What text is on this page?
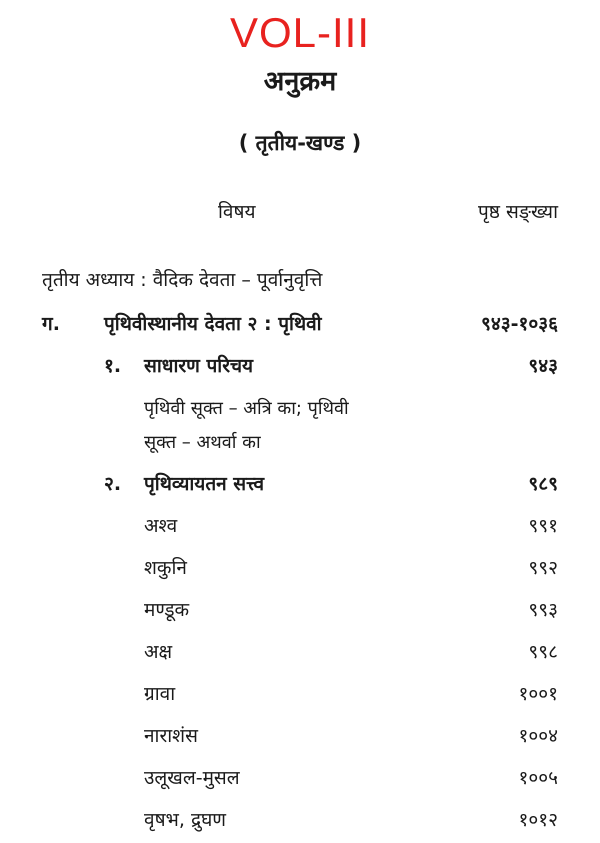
VOL-III
अनुक्रम
( तृतीय-खण्ड )
विषय	पृष्ठ सङ्ख्या
तृतीय अध्याय : वैदिक देवता – पूर्वानुवृत्ति
ग. पृथिवीस्थानीय देवता २ : पृथिवी	९४३-१०३६
१. साधारण परिचय	९४३
पृथिवी सूक्त – अत्रि का; पृथिवी
सूक्त – अथर्वा का
२. पृथिव्यायतन सत्त्व	९८९
अश्व	९९१
शकुनि	९९२
मण्डूक	९९३
अक्ष	९९८
ग्रावा	१००१
नाराशंस	१००४
उलूखल-मुसल	१००५
वृषभ, द्रुघण	१०१२
